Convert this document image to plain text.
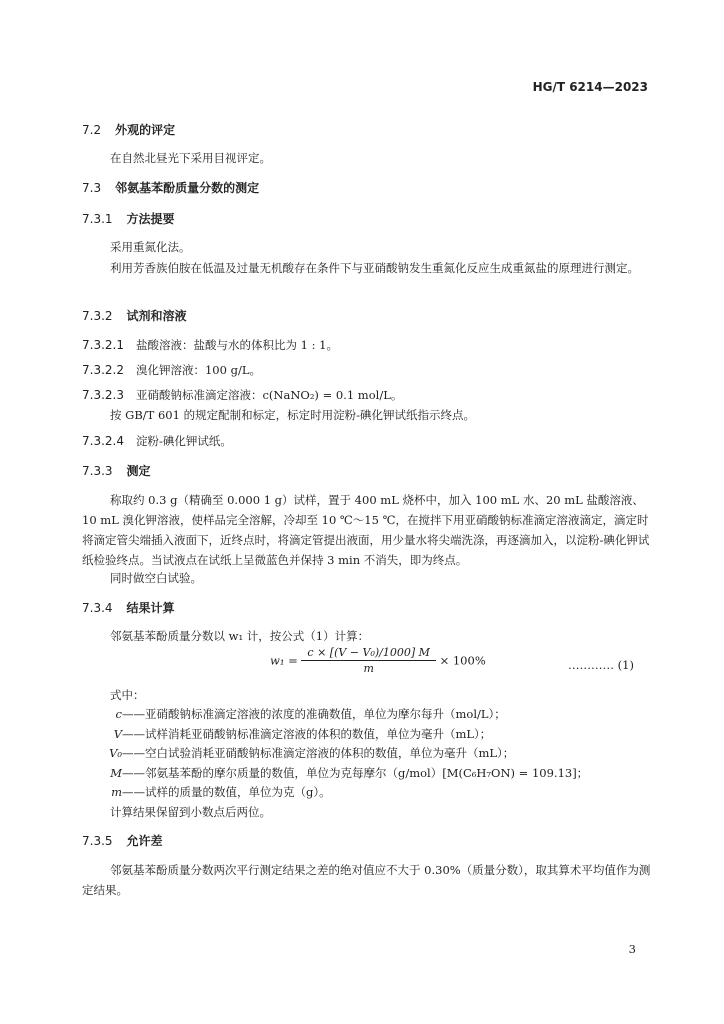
HG/T 6214—2023
7.2 外观的评定
在自然北昼光下采用目视评定。
7.3 邻氨基苯酚质量分数的测定
7.3.1 方法提要
采用重氮化法。
利用芳香族伯胺在低温及过量无机酸存在条件下与亚硝酸钠发生重氮化反应生成重氮盐的原理进行测定。
7.3.2 试剂和溶液
7.3.2.1 盐酸溶液：盐酸与水的体积比为 1 : 1。
7.3.2.2 溴化钾溶液：100 g/L。
7.3.2.3 亚硝酸钠标准滴定溶液：c(NaNO₂) = 0.1 mol/L。
按 GB/T 601 的规定配制和标定，标定时用淀粉-碘化钾试纸指示终点。
7.3.2.4 淀粉-碘化钾试纸。
7.3.3 测定
称取约 0.3 g（精确至 0.000 1 g）试样，置于 400 mL 烧杯中，加入 100 mL 水、20 mL 盐酸溶液、10 mL 溴化钾溶液，使样品完全溶解，冷却至 10 ℃～15 ℃，在搅拌下用亚硝酸钠标准滴定溶液滴定，滴定时将滴定管尖端插入液面下，近终点时，将滴定管提出液面，用少量水将尖端洗涤，再逐滴加入，以淀粉-碘化钾试纸检验终点。当试液点在试纸上呈微蓝色并保持 3 min 不消失，即为终点。
同时做空白试验。
7.3.4 结果计算
邻氨基苯酚质量分数以 w₁ 计，按公式（1）计算：
$w_1 = \frac{\text{c × [(V − V₀)/1000] M}}{m} \times 100\%$	………… (1)
式中：
c——亚硝酸钠标准滴定溶液的浓度的准确数值，单位为摩尔每升（mol/L）；
V——试样消耗亚硝酸钠标准滴定溶液的体积的数值，单位为毫升（mL）；
V₀——空白试验消耗亚硝酸钠标准滴定溶液的体积的数值，单位为毫升（mL）；
M——邻氨基苯酚的摩尔质量的数值，单位为克每摩尔（g/mol）[M(C₆H₇ON) = 109.13]；
m——试样的质量的数值，单位为克（g）。
计算结果保留到小数点后两位。
7.3.5 允许差
邻氨基苯酚质量分数两次平行测定结果之差的绝对值应不大于 0.30%（质量分数），取其算术平均值作为测定结果。
3
